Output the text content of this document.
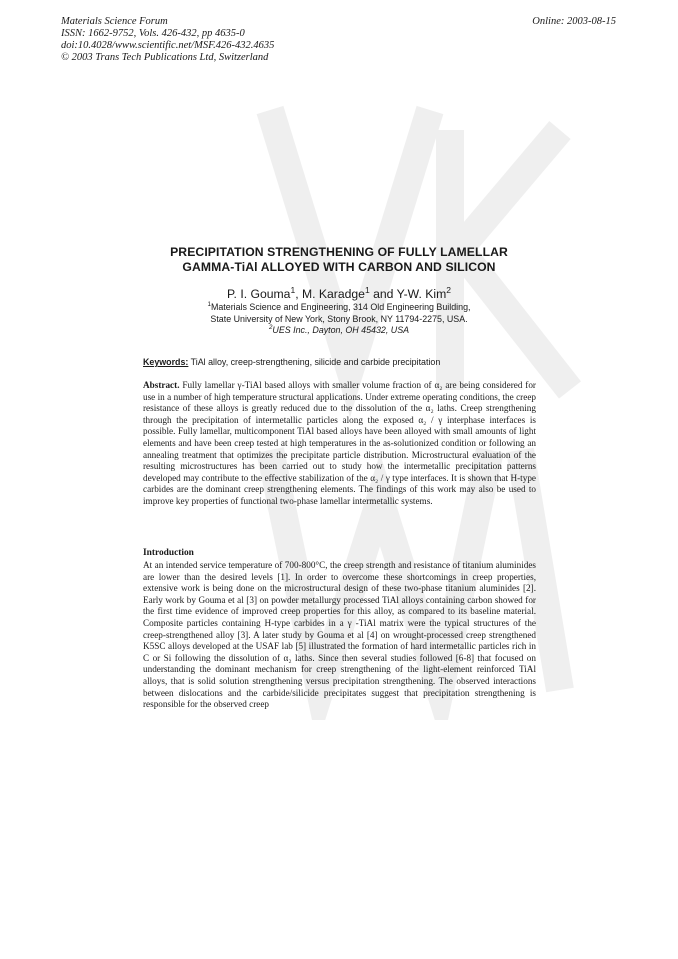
Materials Science Forum
ISSN: 1662-9752, Vols. 426-432, pp 4635-0
doi:10.4028/www.scientific.net/MSF.426-432.4635
© 2003 Trans Tech Publications Ltd, Switzerland
Online: 2003-08-15
PRECIPITATION STRENGTHENING OF FULLY LAMELLAR
GAMMA-TiAl ALLOYED WITH CARBON AND SILICON
P. I. Gouma$^1$, M. Karadge$^1$ and Y-W. Kim$^2$
$^1$Materials Science and Engineering, 314 Old Engineering Building,
State University of New York, Stony Brook, NY 11794-2275, USA.
$^2$UES Inc., Dayton, OH 45432, USA
Keywords: TiAl alloy, creep-strengthening, silicide and carbide precipitation

Abstract. Fully lamellar γ-TiAl based alloys with smaller volume fraction of α₂ are being considered for use in a number of high temperature structural applications. Under extreme operating conditions, the creep resistance of these alloys is greatly reduced due to the dissolution of the α₂ laths. Creep strengthening through the precipitation of intermetallic particles along the exposed α₂ / γ interphase interfaces is possible. Fully lamellar, multicomponent TiAl based alloys have been alloyed with small amounts of light elements and have been creep tested at high temperatures in the as-solutionized condition or following an annealing treatment that optimizes the precipitate particle distribution. Microstructural evaluation of the resulting microstructures has been carried out to study how the intermetallic precipitation patterns developed may contribute to the effective stabilization of the α₂ / γ type interfaces. It is shown that H-type carbides are the dominant creep strengthening elements. The findings of this work may also be used to improve key properties of functional two-phase lamellar intermetallic systems.

Introduction

At an intended service temperature of 700-800°C, the creep strength and resistance of titanium aluminides are lower than the desired levels [1]. In order to overcome these shortcomings in creep properties, extensive work is being done on the microstructural design of these two-phase titanium aluminides [2]. Early work by Gouma et al [3] on powder metallurgy processed TiAl alloys containing carbon showed for the first time evidence of improved creep properties for this alloy, as compared to its baseline material. Composite particles containing H-type carbides in a γ -TiAl matrix were the typical structures of the creep-strengthened alloy [3]. A later study by Gouma et al [4] on wrought-processed creep strengthened K5SC alloys developed at the USAF lab [5] illustrated the formation of hard intermetallic particles rich in C or Si following the dissolution of α₂ laths. Since then several studies followed [6-8] that focused on understanding the dominant mechanism for creep strengthening of the light-element reinforced TiAl alloys, that is solid solution strengthening versus precipitation strengthening. The observed interactions between dislocations and the carbide/silicide precipitates suggest that precipitation strengthening is responsible for the observed creep
